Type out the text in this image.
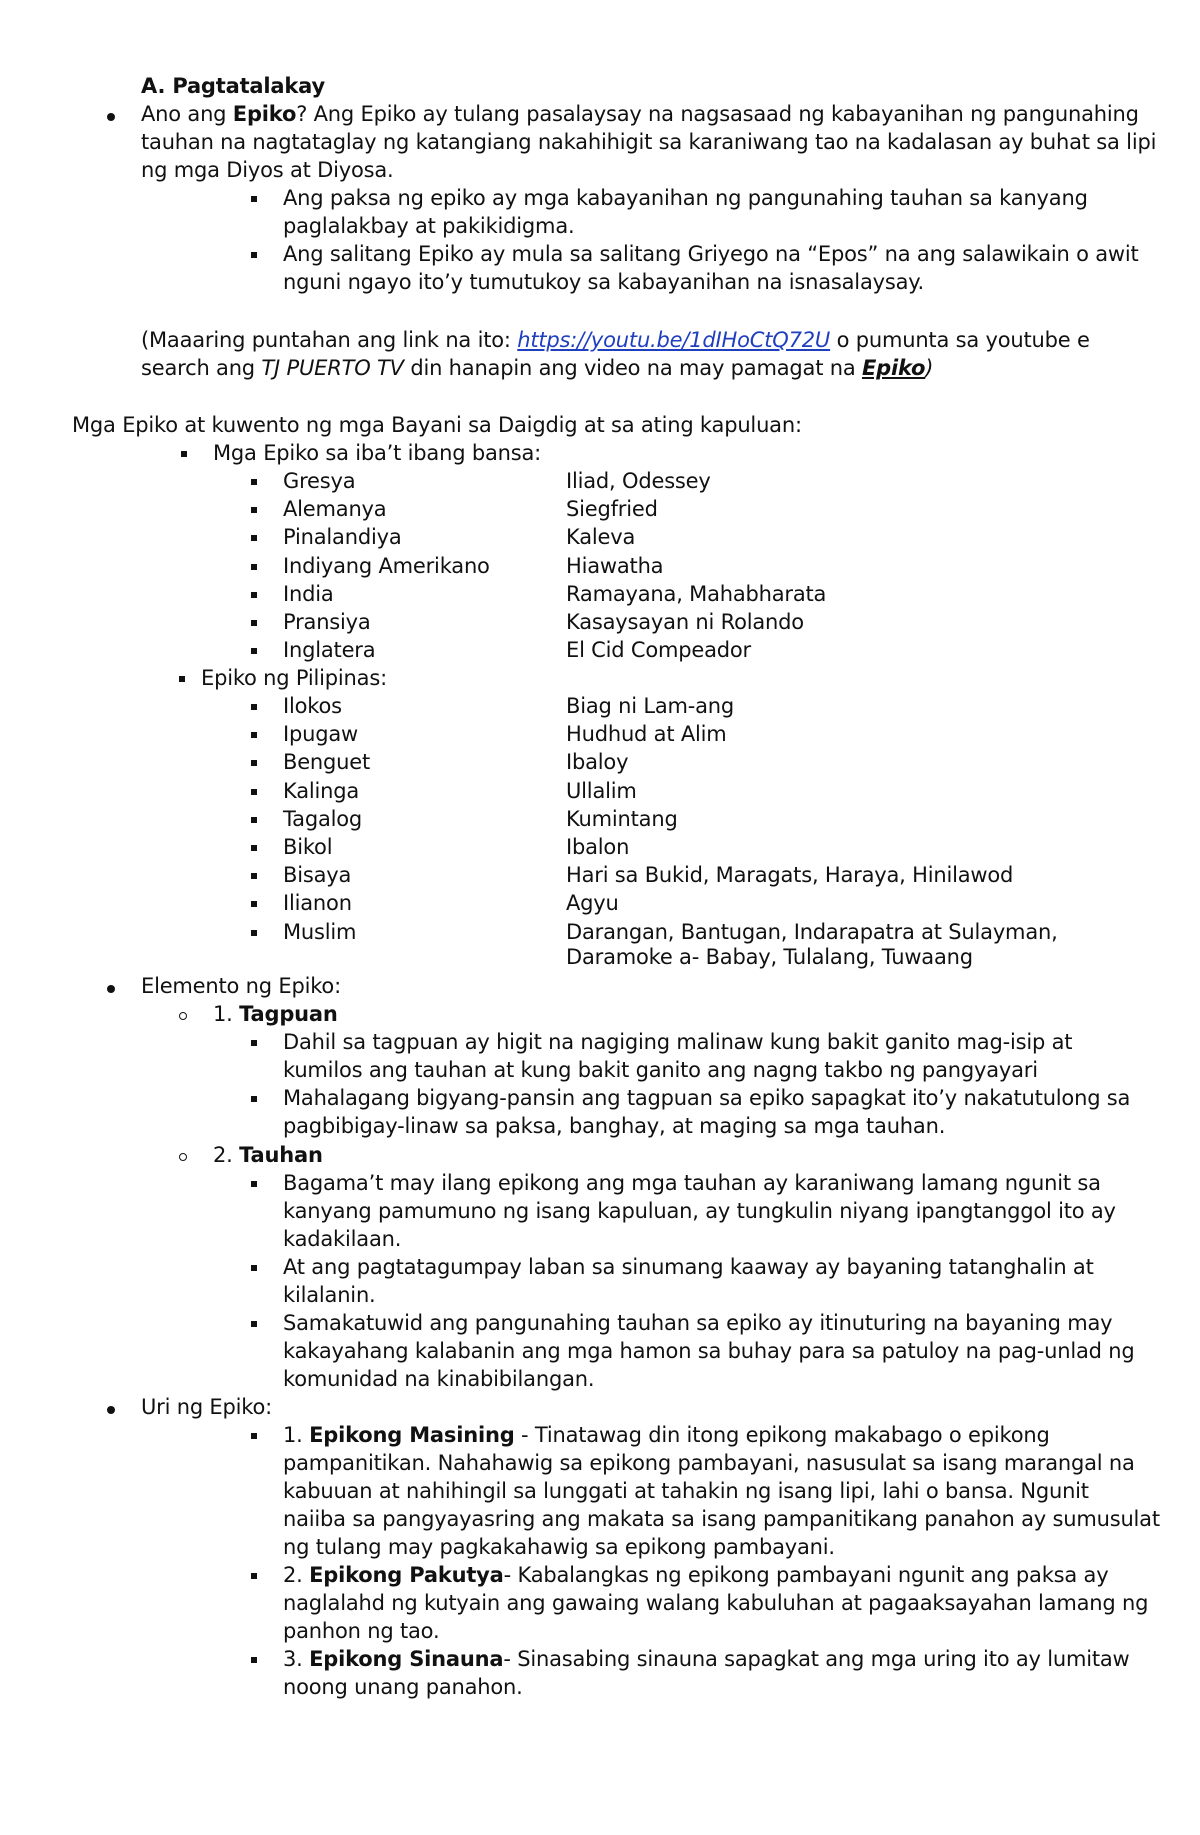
A. Pagtatalakay
Ano ang Epiko? Ang Epiko ay tulang pasalaysay na nagsasaad ng kabayanihan ng pangunahing
tauhan na nagtataglay ng katangiang nakahihigit sa karaniwang tao na kadalasan ay buhat sa lipi
ng mga Diyos at Diyosa.
Ang paksa ng epiko ay mga kabayanihan ng pangunahing tauhan sa kanyang
paglalakbay at pakikidigma.
Ang salitang Epiko ay mula sa salitang Griyego na “Epos” na ang salawikain o awit
nguni ngayo ito’y tumutukoy sa kabayanihan na isnasalaysay.
(Maaaring puntahan ang link na ito: https://youtu.be/1dIHoCtQ72U o pumunta sa youtube e
search ang TJ PUERTO TV din hanapin ang video na may pamagat na Epiko)
Mga Epiko at kuwento ng mga Bayani sa Daigdig at sa ating kapuluan:
Mga Epiko sa iba’t ibang bansa:
Gresya	Iliad, Odessey
Alemanya	Siegfried
Pinalandiya	Kaleva
Indiyang Amerikano	Hiawatha
India	Ramayana, Mahabharata
Pransiya	Kasaysayan ni Rolando
Inglatera	El Cid Compeador
Epiko ng Pilipinas:
Ilokos	Biag ni Lam-ang
Ipugaw	Hudhud at Alim
Benguet	Ibaloy
Kalinga	Ullalim
Tagalog	Kumintang
Bikol	Ibalon
Bisaya	Hari sa Bukid, Maragats, Haraya, Hinilawod
Ilianon	Agyu
Muslim	Darangan, Bantugan, Indarapatra at Sulayman,
Daramoke a- Babay, Tulalang, Tuwaang
Elemento ng Epiko:
1. Tagpuan
Dahil sa tagpuan ay higit na nagiging malinaw kung bakit ganito mag-isip at
kumilos ang tauhan at kung bakit ganito ang nagng takbo ng pangyayari
Mahalagang bigyang-pansin ang tagpuan sa epiko sapagkat ito’y nakatutulong sa
pagbibigay-linaw sa paksa, banghay, at maging sa mga tauhan.
2. Tauhan
Bagama’t may ilang epikong ang mga tauhan ay karaniwang lamang ngunit sa
kanyang pamumuno ng isang kapuluan, ay tungkulin niyang ipangtanggol ito ay
kadakilaan.
At ang pagtatagumpay laban sa sinumang kaaway ay bayaning tatanghalin at
kilalanin.
Samakatuwid ang pangunahing tauhan sa epiko ay itinuturing na bayaning may
kakayahang kalabanin ang mga hamon sa buhay para sa patuloy na pag-unlad ng
komunidad na kinabibilangan.
Uri ng Epiko:
1. Epikong Masining - Tinatawag din itong epikong makabago o epikong
pampanitikan. Nahahawig sa epikong pambayani, nasusulat sa isang marangal na
kabuuan at nahihingil sa lunggati at tahakin ng isang lipi, lahi o bansa. Ngunit
naiiba sa pangyayasring ang makata sa isang pampanitikang panahon ay sumusulat
ng tulang may pagkakahawig sa epikong pambayani.
2. Epikong Pakutya- Kabalangkas ng epikong pambayani ngunit ang paksa ay
naglalahd ng kutyain ang gawaing walang kabuluhan at pagaaksayahan lamang ng
panhon ng tao.
3. Epikong Sinauna- Sinasabing sinauna sapagkat ang mga uring ito ay lumitaw
noong unang panahon.
